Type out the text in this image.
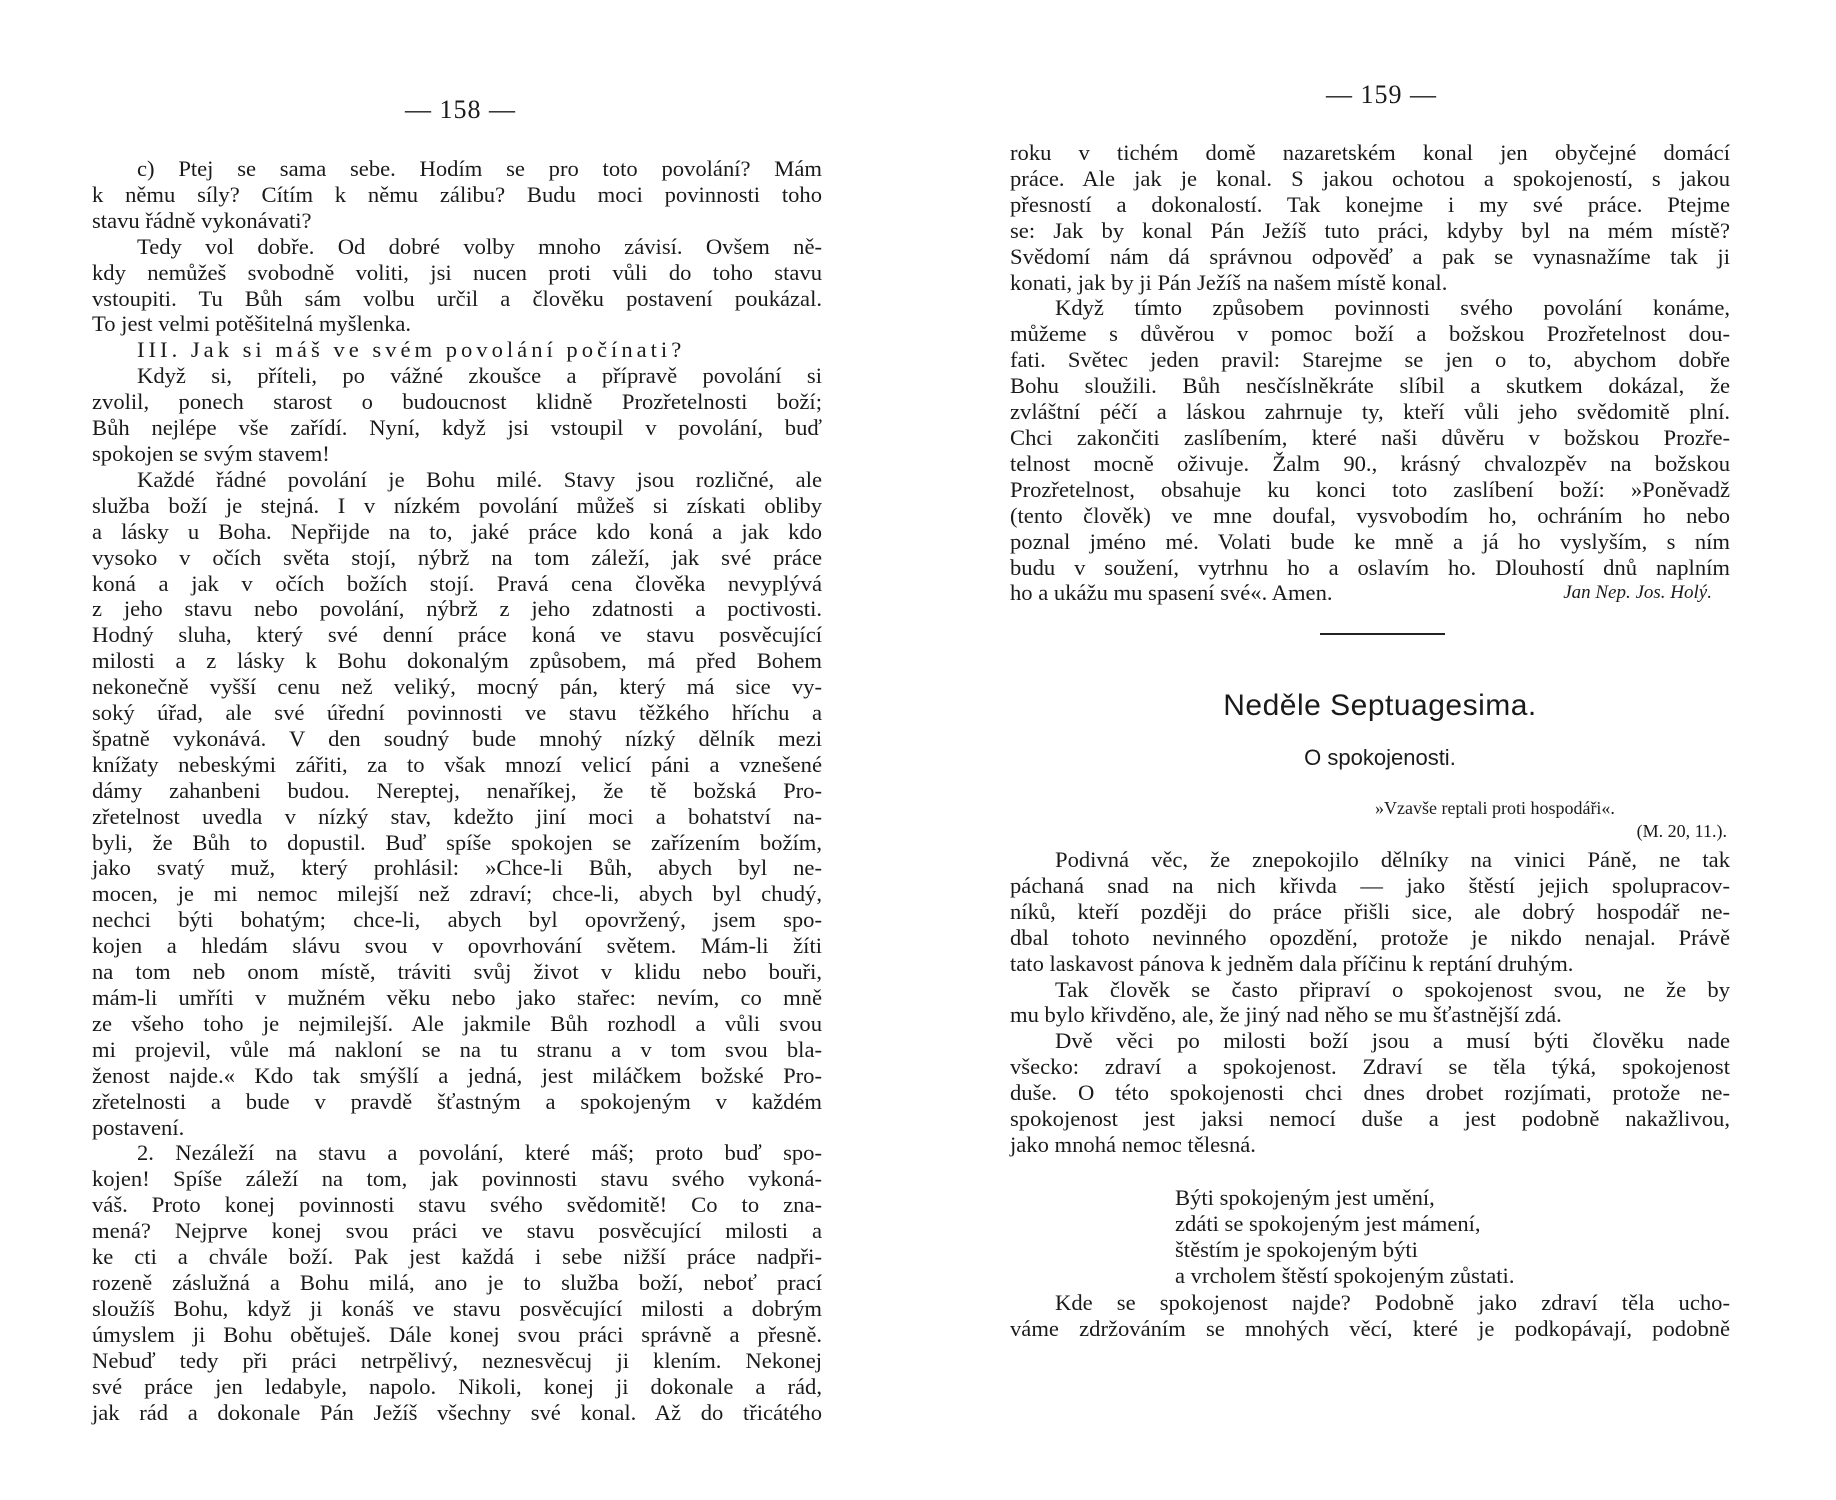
— 158 —
c) Ptej se sama sebe. Hodím se pro toto povolání? Mám
k němu síly? Cítím k němu zálibu? Budu moci povinnosti toho
stavu řádně vykonávati?
Tedy vol dobře. Od dobré volby mnoho závisí. Ovšem ně-
kdy nemůžeš svobodně voliti, jsi nucen proti vůli do toho stavu
vstoupiti. Tu Bůh sám volbu určil a člověku postavení poukázal.
To jest velmi potěšitelná myšlenka.
III. Jak si máš ve svém povolání počínati?
Když si, příteli, po vážné zkoušce a přípravě povolání si
zvolil, ponech starost o budoucnost klidně Prozřetelnosti boží;
Bůh nejlépe vše zařídí. Nyní, když jsi vstoupil v povolání, buď
spokojen se svým stavem!
Každé řádné povolání je Bohu milé. Stavy jsou rozličné, ale
služba boží je stejná. I v nízkém povolání můžeš si získati obliby
a lásky u Boha. Nepřijde na to, jaké práce kdo koná a jak kdo
vysoko v očích světa stojí, nýbrž na tom záleží, jak své práce
koná a jak v očích božích stojí. Pravá cena člověka nevyplývá
z jeho stavu nebo povolání, nýbrž z jeho zdatnosti a poctivosti.
Hodný sluha, který své denní práce koná ve stavu posvěcující
milosti a z lásky k Bohu dokonalým způsobem, má před Bohem
nekonečně vyšší cenu než veliký, mocný pán, který má sice vy-
soký úřad, ale své úřední povinnosti ve stavu těžkého hříchu a
špatně vykonává. V den soudný bude mnohý nízký dělník mezi
knížaty nebeskými zářiti, za to však mnozí velicí páni a vznešené
dámy zahanbeni budou. Nereptej, nenaříkej, že tě božská Pro-
zřetelnost uvedla v nízký stav, kdežto jiní moci a bohatství na-
byli, že Bůh to dopustil. Buď spíše spokojen se zařízením božím,
jako svatý muž, který prohlásil: »Chce-li Bůh, abych byl ne-
mocen, je mi nemoc milejší než zdraví; chce-li, abych byl chudý,
nechci býti bohatým; chce-li, abych byl opovržený, jsem spo-
kojen a hledám slávu svou v opovrhování světem. Mám-li žíti
na tom neb onom místě, tráviti svůj život v klidu nebo bouři,
mám-li umříti v mužném věku nebo jako stařec: nevím, co mně
ze všeho toho je nejmilejší. Ale jakmile Bůh rozhodl a vůli svou
mi projevil, vůle má nakloní se na tu stranu a v tom svou bla-
ženost najde.« Kdo tak smýšlí a jedná, jest miláčkem božské Pro-
zřetelnosti a bude v pravdě šťastným a spokojeným v každém
postavení.
2. Nezáleží na stavu a povolání, které máš; proto buď spo-
kojen! Spíše záleží na tom, jak povinnosti stavu svého vykoná-
váš. Proto konej povinnosti stavu svého svědomitě! Co to zna-
mená? Nejprve konej svou práci ve stavu posvěcující milosti a
ke cti a chvále boží. Pak jest každá i sebe nižší práce nadpři-
rozeně záslužná a Bohu milá, ano je to služba boží, neboť prací
sloužíš Bohu, když ji konáš ve stavu posvěcující milosti a dobrým
úmyslem ji Bohu obětuješ. Dále konej svou práci správně a přesně.
Nebuď tedy při práci netrpělivý, neznesvěcuj ji klením. Nekonej
své práce jen ledabyle, napolo. Nikoli, konej ji dokonale a rád,
jak rád a dokonale Pán Ježíš všechny své konal. Až do třicátého
— 159 —
roku v tichém domě nazaretském konal jen obyčejné domácí
práce. Ale jak je konal. S jakou ochotou a spokojeností, s jakou
přesností a dokonalostí. Tak konejme i my své práce. Ptejme
se: Jak by konal Pán Ježíš tuto práci, kdyby byl na mém místě?
Svědomí nám dá správnou odpověď a pak se vynasnažíme tak ji
konati, jak by ji Pán Ježíš na našem místě konal.
Když tímto způsobem povinnosti svého povolání konáme,
můžeme s důvěrou v pomoc boží a božskou Prozřetelnost dou-
fati. Světec jeden pravil: Starejme se jen o to, abychom dobře
Bohu sloužili. Bůh nesčíslněkráte slíbil a skutkem dokázal, že
zvláštní péčí a láskou zahrnuje ty, kteří vůli jeho svědomitě plní.
Chci zakončiti zaslíbením, které naši důvěru v božskou Prozře-
telnost mocně oživuje. Žalm 90., krásný chvalozpěv na božskou
Prozřetelnost, obsahuje ku konci toto zaslíbení boží: »Poněvadž
(tento člověk) ve mne doufal, vysvobodím ho, ochráním ho nebo
poznal jméno mé. Volati bude ke mně a já ho vyslyším, s ním
budu v soužení, vytrhnu ho a oslavím ho. Dlouhostí dnů naplním
ho a ukážu mu spasení své«. Amen.	Jan Nep. Jos. Holý.
Neděle Septuagesima.
O spokojenosti.
»Vzavše reptali proti hospodáři«.
(M. 20, 11.).
Podivná věc, že znepokojilo dělníky na vinici Páně, ne tak
páchaná snad na nich křivda — jako štěstí jejich spolupracov-
níků, kteří později do práce přišli sice, ale dobrý hospodář ne-
dbal tohoto nevinného opozdění, protože je nikdo nenajal. Právě
tato laskavost pánova k jedněm dala příčinu k reptání druhým.
Tak člověk se často připraví o spokojenost svou, ne že by
mu bylo křivděno, ale, že jiný nad něho se mu šťastnější zdá.
Dvě věci po milosti boží jsou a musí býti člověku nade
všecko: zdraví a spokojenost. Zdraví se těla týká, spokojenost
duše. O této spokojenosti chci dnes drobet rozjímati, protože ne-
spokojenost jest jaksi nemocí duše a jest podobně nakažlivou,
jako mnohá nemoc tělesná.
Býti spokojeným jest umění,
zdáti se spokojeným jest mámení,
štěstím je spokojeným býti
a vrcholem štěstí spokojeným zůstati.
Kde se spokojenost najde? Podobně jako zdraví těla ucho-
váme zdržováním se mnohých věcí, které je podkopávají, podobně
